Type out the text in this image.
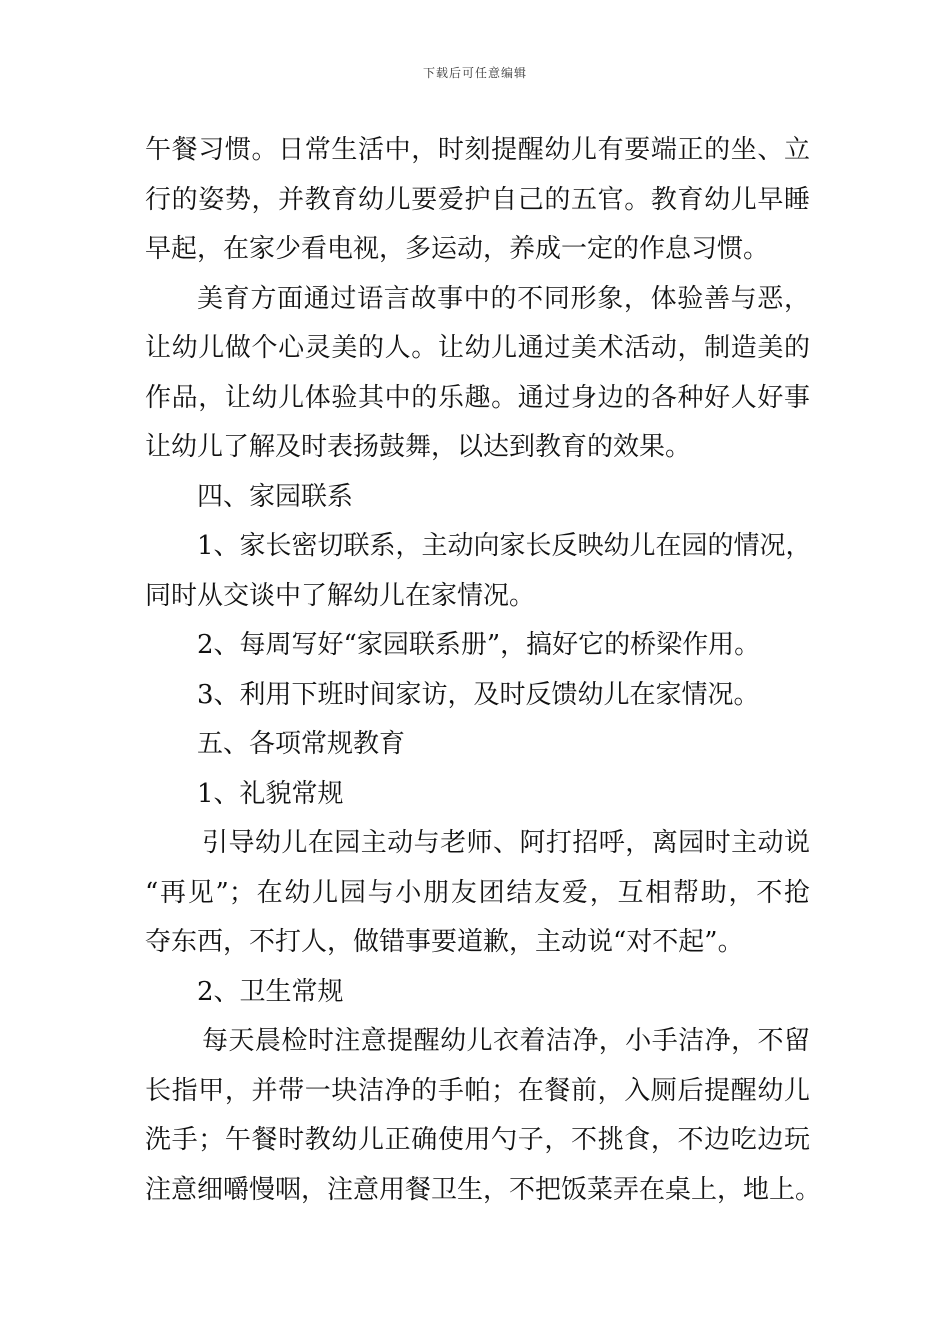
下载后可任意编辑
午餐习惯。日常生活中，时刻提醒幼儿有要端正的坐、立
行的姿势，并教育幼儿要爱护自己的五官。教育幼儿早睡
早起，在家少看电视，多运动，养成一定的作息习惯。
美育方面通过语言故事中的不同形象，体验善与恶，
让幼儿做个心灵美的人。让幼儿通过美术活动，制造美的
作品，让幼儿体验其中的乐趣。通过身边的各种好人好事
让幼儿了解及时表扬鼓舞，以达到教育的效果。
四、家园联系
1、家长密切联系，主动向家长反映幼儿在园的情况，
同时从交谈中了解幼儿在家情况。
2、每周写好“家园联系册”，搞好它的桥梁作用。
3、利用下班时间家访，及时反馈幼儿在家情况。
五、各项常规教育
1、礼貌常规
引导幼儿在园主动与老师、阿打招呼，离园时主动说
“再见”；在幼儿园与小朋友团结友爱，互相帮助，不抢
夺东西，不打人，做错事要道歉，主动说“对不起”。
2、卫生常规
每天晨检时注意提醒幼儿衣着洁净，小手洁净，不留
长指甲，并带一块洁净的手帕；在餐前，入厕后提醒幼儿
洗手；午餐时教幼儿正确使用勺子，不挑食，不边吃边玩
注意细嚼慢咽，注意用餐卫生，不把饭菜弄在桌上，地上。
